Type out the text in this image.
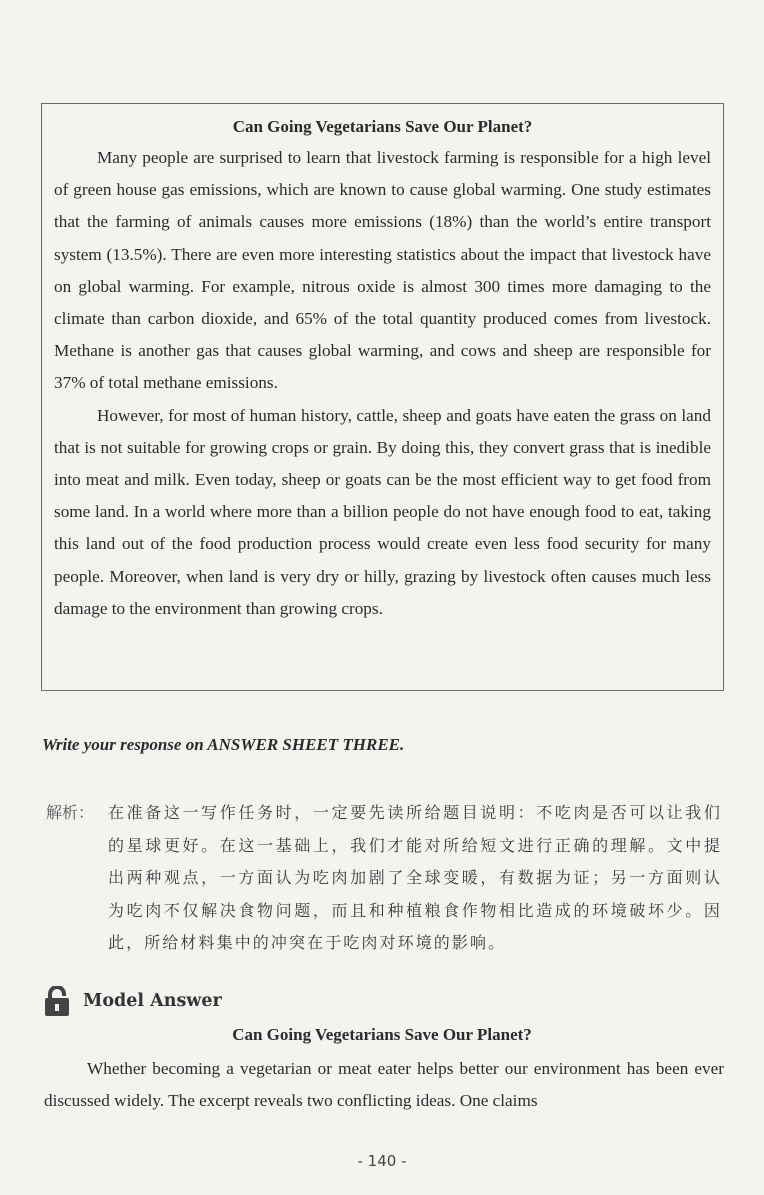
Can Going Vegetarians Save Our Planet?

Many people are surprised to learn that livestock farming is responsible for a high level of green house gas emissions, which are known to cause global warming. One study estimates that the farming of animals causes more emissions (18%) than the world’s entire transport system (13.5%). There are even more interesting statistics about the impact that livestock have on global warming. For example, nitrous oxide is almost 300 times more damaging to the climate than carbon dioxide, and 65% of the total quantity produced comes from livestock. Methane is another gas that causes global warming, and cows and sheep are responsible for 37% of total methane emissions.

However, for most of human history, cattle, sheep and goats have eaten the grass on land that is not suitable for growing crops or grain. By doing this, they convert grass that is inedible into meat and milk. Even today, sheep or goats can be the most efficient way to get food from some land. In a world where more than a billion people do not have enough food to eat, taking this land out of the food production process would create even less food security for many people. Moreover, when land is very dry or hilly, grazing by livestock often causes much less damage to the environment than growing crops.

Write your response on ANSWER SHEET THREE.

解析： 在准备这一写作任务时，一定要先读所给题目说明：不吃肉是否可以让我们的星球更好。在这一基础上，我们才能对所给短文进行正确的理解。文中提出两种观点，一方面认为吃肉加剧了全球变暖，有数据为证；另一方面则认为吃肉不仅解决食物问题，而且和种植粮食作物相比造成的环境破坏少。因此，所给材料集中的冲突在于吃肉对环境的影响。

Model Answer

Can Going Vegetarians Save Our Planet?

Whether becoming a vegetarian or meat eater helps better our environment has been ever discussed widely. The excerpt reveals two conflicting ideas. One claims

- 140 -
